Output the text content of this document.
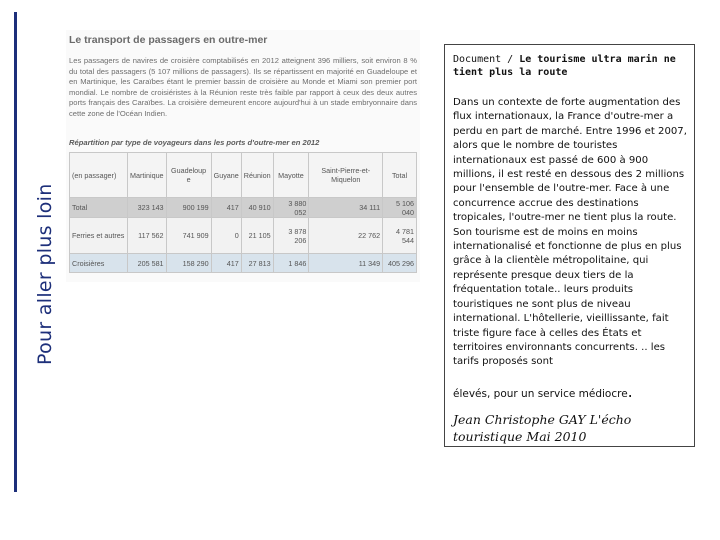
Pour aller plus loin
Le transport de passagers en outre-mer

Les passagers de navires de croisière comptabilisés en 2012 atteignent 396 milliers, soit environ 8 % du total des passagers (5 107 millions de passagers). Ils se répartissent en majorité en Guadeloupe et en Martinique, les Caraïbes étant le premier bassin de croisière au Monde et Miami son premier port mondial. Le nombre de croisiéristes à la Réunion reste très faible par rapport à ceux des deux autres ports français des Caraïbes. La croisière demeurent encore aujourd'hui à un stade embryonnaire dans cette zone de l'Océan Indien.

Répartition par type de voyageurs dans les ports d'outre-mer en 2012
(en passager)	Martinique	Guadeloup e	Guyane	Réunion	Mayotte	Saint-Pierre-et-Miquelon	Total
Total	323 143	900 199	417	40 910	3 880 052	34 111	5 106 040
Ferries et autres	117 562	741 909	0	21 105	3 878 206	22 762	4 781 544
Croisières	205 581	158 290	417	27 813	1 846	11 349	405 296
Document / Le tourisme ultra marin ne tient plus la route

Dans un contexte de forte augmentation des flux internationaux, la France d'outre-mer a perdu en part de marché. Entre 1996 et 2007, alors que le nombre de touristes internationaux est passé de 600 à 900 millions, il est resté en dessous des 2 millions pour l'ensemble de l'outre-mer. Face à une concurrence accrue des destinations tropicales, l'outre-mer ne tient plus la route. Son tourisme est de moins en moins internationalisé et fonctionne de plus en plus grâce à la clientèle métropolitaine, qui représente presque deux tiers de la fréquentation totale.. leurs produits touristiques ne sont plus de niveau international. L'hôtellerie, vieillissante, fait triste figure face à celles des États et territoires environnants concurrents. .. les tarifs proposés sont

élevés, pour un service médiocre.
Jean Christophe GAY L'écho touristique Mai 2010
